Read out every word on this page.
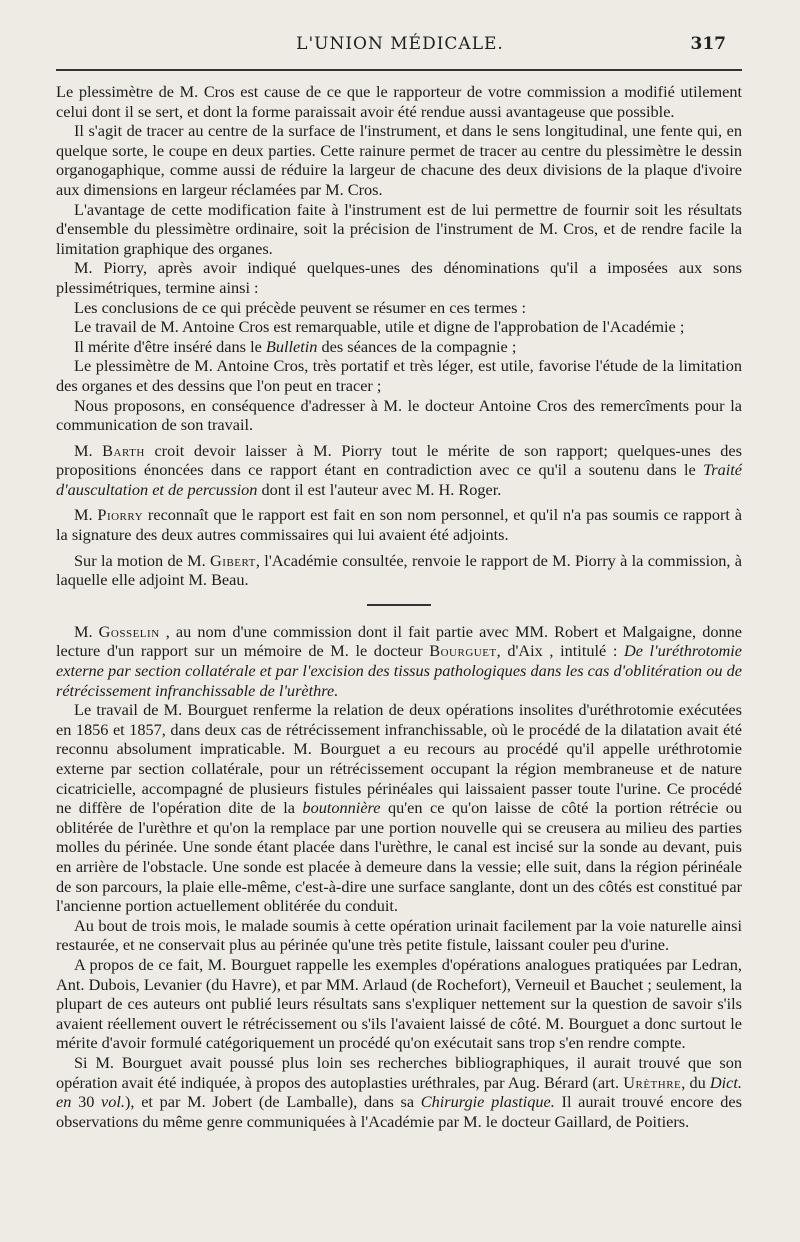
L'UNION MÉDICALE.	317

Le plessimètre de M. Cros est cause de ce que le rapporteur de votre commission a modifié utilement celui dont il se sert, et dont la forme paraissait avoir été rendue aussi avantageuse que possible.

Il s'agit de tracer au centre de la surface de l'instrument, et dans le sens longitudinal, une fente qui, en quelque sorte, le coupe en deux parties. Cette rainure permet de tracer au centre du plessimètre le dessin organogaphique, comme aussi de réduire la largeur de chacune des deux divisions de la plaque d'ivoire aux dimensions en largeur réclamées par M. Cros.

L'avantage de cette modification faite à l'instrument est de lui permettre de fournir soit les résultats d'ensemble du plessimètre ordinaire, soit la précision de l'instrument de M. Cros, et de rendre facile la limitation graphique des organes.

M. Piorry, après avoir indiqué quelques-unes des dénominations qu'il a imposées aux sons plessimétriques, termine ainsi :

Les conclusions de ce qui précède peuvent se résumer en ces termes :

Le travail de M. Antoine Cros est remarquable, utile et digne de l'approbation de l'Académie ;

Il mérite d'être inséré dans le Bulletin des séances de la compagnie ;

Le plessimètre de M. Antoine Cros, très portatif et très léger, est utile, favorise l'étude de la limitation des organes et des dessins que l'on peut en tracer ;

Nous proposons, en conséquence d'adresser à M. le docteur Antoine Cros des remercîments pour la communication de son travail.

M. Barth croit devoir laisser à M. Piorry tout le mérite de son rapport; quelques-unes des propositions énoncées dans ce rapport étant en contradiction avec ce qu'il a soutenu dans le Traité d'auscultation et de percussion dont il est l'auteur avec M. H. Roger.

M. Piorry reconnaît que le rapport est fait en son nom personnel, et qu'il n'a pas soumis ce rapport à la signature des deux autres commissaires qui lui avaient été adjoints.

Sur la motion de M. Gibert, l'Académie consultée, renvoie le rapport de M. Piorry à la commission, à laquelle elle adjoint M. Beau.

M. Gosselin , au nom d'une commission dont il fait partie avec MM. Robert et Malgaigne, donne lecture d'un rapport sur un mémoire de M. le docteur Bourguet, d'Aix , intitulé : De l'uréthrotomie externe par section collatérale et par l'excision des tissus pathologiques dans les cas d'oblitération ou de rétrécissement infranchissable de l'urèthre.

Le travail de M. Bourguet renferme la relation de deux opérations insolites d'uréthrotomie exécutées en 1856 et 1857, dans deux cas de rétrécissement infranchissable, où le procédé de la dilatation avait été reconnu absolument impraticable. M. Bourguet a eu recours au procédé qu'il appelle uréthrotomie externe par section collatérale, pour un rétrécissement occupant la région membraneuse et de nature cicatricielle, accompagné de plusieurs fistules périnéales qui laissaient passer toute l'urine. Ce procédé ne diffère de l'opération dite de la boutonnière qu'en ce qu'on laisse de côté la portion rétrécie ou oblitérée de l'urèthre et qu'on la remplace par une portion nouvelle qui se creusera au milieu des parties molles du périnée. Une sonde étant placée dans l'urèthre, le canal est incisé sur la sonde au devant, puis en arrière de l'obstacle. Une sonde est placée à demeure dans la vessie; elle suit, dans la région périnéale de son parcours, la plaie elle-même, c'est-à-dire une surface sanglante, dont un des côtés est constitué par l'ancienne portion actuellement oblitérée du conduit.

Au bout de trois mois, le malade soumis à cette opération urinait facilement par la voie naturelle ainsi restaurée, et ne conservait plus au périnée qu'une très petite fistule, laissant couler peu d'urine.

A propos de ce fait, M. Bourguet rappelle les exemples d'opérations analogues pratiquées par Ledran, Ant. Dubois, Levanier (du Havre), et par MM. Arlaud (de Rochefort), Verneuil et Bauchet ; seulement, la plupart de ces auteurs ont publié leurs résultats sans s'expliquer nettement sur la question de savoir s'ils avaient réellement ouvert le rétrécissement ou s'ils l'avaient laissé de côté. M. Bourguet a donc surtout le mérite d'avoir formulé catégoriquement un procédé qu'on exécutait sans trop s'en rendre compte.

Si M. Bourguet avait poussé plus loin ses recherches bibliographiques, il aurait trouvé que son opération avait été indiquée, à propos des autoplasties uréthrales, par Aug. Bérard (art. Urèthre, du Dict. en 30 vol.), et par M. Jobert (de Lamballe), dans sa Chirurgie plastique. Il aurait trouvé encore des observations du même genre communiquées à l'Académie par M. le docteur Gaillard, de Poitiers.
